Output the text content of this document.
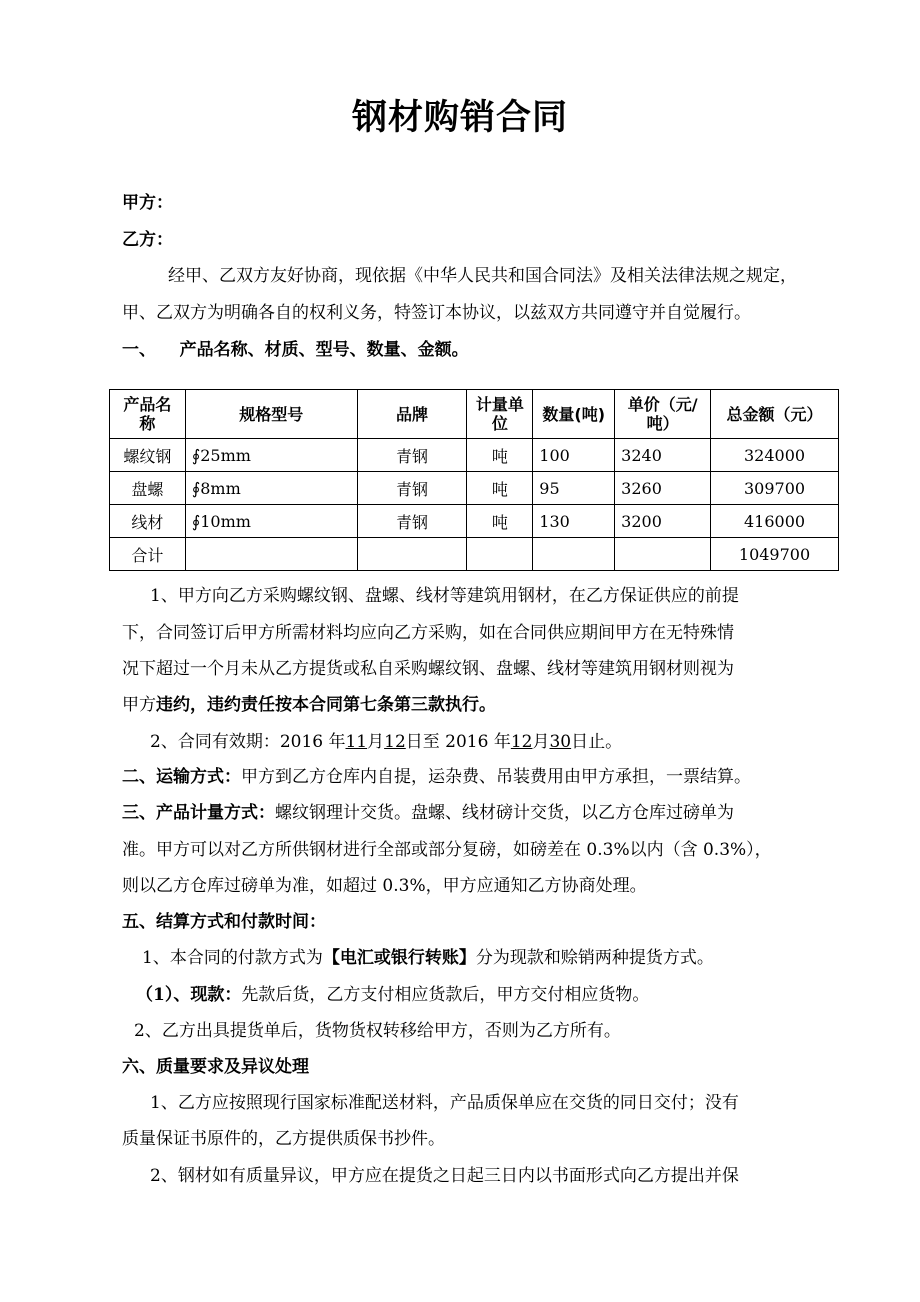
钢材购销合同
甲方：
乙方：
经甲、乙双方友好协商，现依据《中华人民共和国合同法》及相关法律法规之规定，
甲、乙双方为明确各自的权利义务，特签订本协议，以兹双方共同遵守并自觉履行。
一、    产品名称、材质、型号、数量、金额。
产品名称	规格型号	品牌	计量单位	数量(吨)	单价（元/吨）	总金额（元）
螺纹钢	∮25mm	青钢	吨	100	3240	324000
盘螺	∮8mm	青钢	吨	95	3260	309700
线材	∮10mm	青钢	吨	130	3200	416000
合计						1049700
1、甲方向乙方采购螺纹钢、盘螺、线材等建筑用钢材，在乙方保证供应的前提
下，合同签订后甲方所需材料均应向乙方采购，如在合同供应期间甲方在无特殊情
况下超过一个月未从乙方提货或私自采购螺纹钢、盘螺、线材等建筑用钢材则视为
甲方违约，违约责任按本合同第七条第三款执行。
2、合同有效期：2016 年11月12日至 2016 年12月30日止。
二、运输方式：甲方到乙方仓库内自提，运杂费、吊装费用由甲方承担，一票结算。
三、产品计量方式：螺纹钢理计交货。盘螺、线材磅计交货，以乙方仓库过磅单为
准。甲方可以对乙方所供钢材进行全部或部分复磅，如磅差在 0.3%以内（含 0.3%），
则以乙方仓库过磅单为准，如超过 0.3%，甲方应通知乙方协商处理。
五、结算方式和付款时间：
1、本合同的付款方式为【电汇或银行转账】分为现款和赊销两种提货方式。
（1）、现款：先款后货，乙方支付相应货款后，甲方交付相应货物。
2、乙方出具提货单后，货物货权转移给甲方，否则为乙方所有。
六、质量要求及异议处理
1、乙方应按照现行国家标准配送材料，产品质保单应在交货的同日交付；没有
质量保证书原件的，乙方提供质保书抄件。
2、钢材如有质量异议，甲方应在提货之日起三日内以书面形式向乙方提出并保
